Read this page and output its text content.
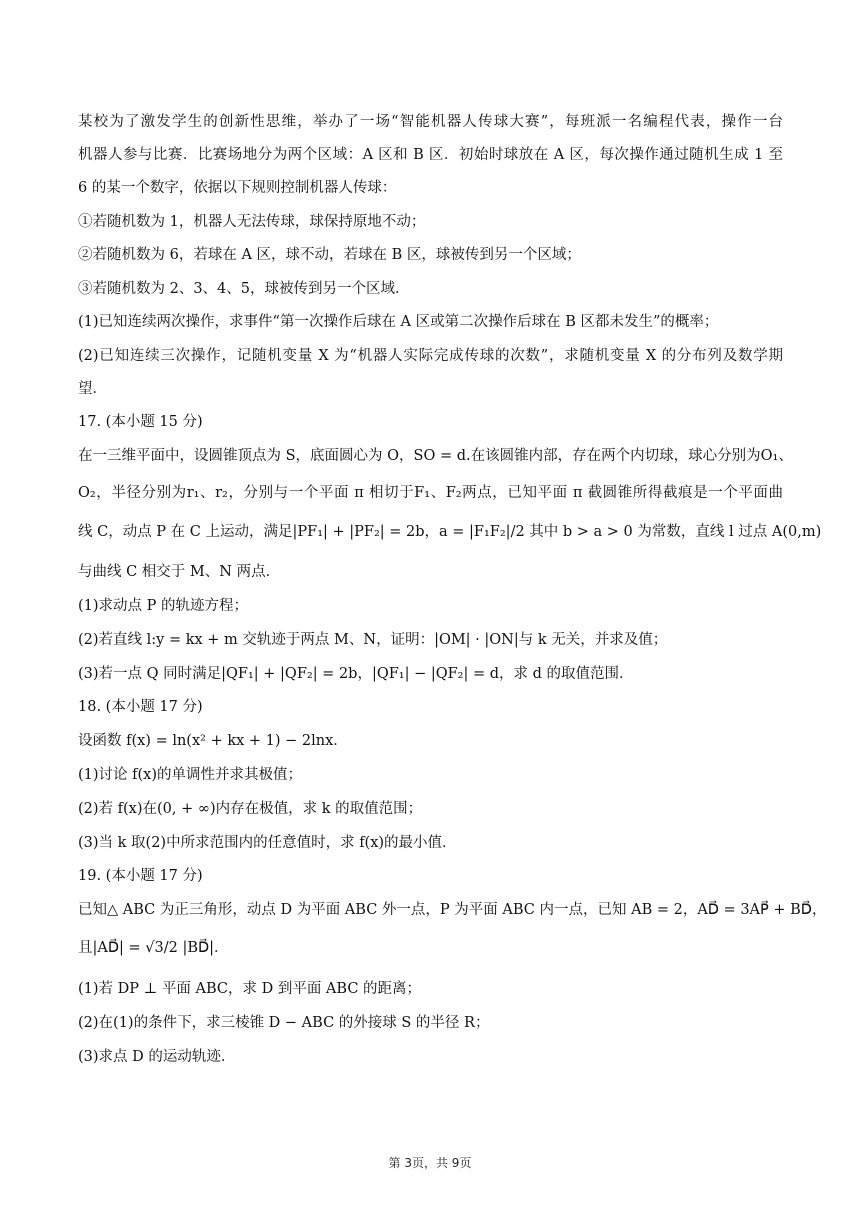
某校为了激发学生的创新性思维，举办了一场“智能机器人传球大赛”，每班派一名编程代表，操作一台
机器人参与比赛．比赛场地分为两个区域：A 区和 B 区．初始时球放在 A 区，每次操作通过随机生成 1 至
6 的某一个数字，依据以下规则控制机器人传球：
①若随机数为 1，机器人无法传球，球保持原地不动；
②若随机数为 6，若球在 A 区，球不动，若球在 B 区，球被传到另一个区域；
③若随机数为 2、3、4、5，球被传到另一个区域．
(1)已知连续两次操作，求事件“第一次操作后球在 A 区或第二次操作后球在 B 区都未发生”的概率；
(2)已知连续三次操作，记随机变量 X 为“机器人实际完成传球的次数”，求随机变量 X 的分布列及数学期
望．
17. (本小题 15 分)
在一三维平面中，设圆锥顶点为 S，底面圆心为 O，SO = d.在该圆锥内部，存在两个内切球，球心分别为O₁、
O₂，半径分别为r₁、r₂，分别与一个平面 π 相切于F₁、F₂两点，已知平面 π 截圆锥所得截痕是一个平面曲
线 C，动点 P 在 C 上运动，满足|PF₁| + |PF₂| = 2b，a = |F₁F₂|/2 其中 b > a > 0 为常数，直线 l 过点 A(0,m)
与曲线 C 相交于 M、N 两点．
(1)求动点 P 的轨迹方程；
(2)若直线 l:y = kx + m 交轨迹于两点 M、N，证明：|OM| · |ON|与 k 无关，并求及值；
(3)若一点 Q 同时满足|QF₁| + |QF₂| = 2b，|QF₁| − |QF₂| = d，求 d 的取值范围．
18. (本小题 17 分)
设函数 f(x) = ln(x² + kx + 1) − 2lnx．
(1)讨论 f(x)的单调性并求其极值；
(2)若 f(x)在(0, + ∞)内存在极值，求 k 的取值范围；
(3)当 k 取(2)中所求范围内的任意值时，求 f(x)的最小值．
19. (本小题 17 分)
已知△ ABC 为正三角形，动点 D 为平面 ABC 外一点，P 为平面 ABC 内一点，已知 AB = 2，AD⃗ = 3AP⃗ + BD⃗，
且|AD⃗| = √3/2 |BD⃗|．
(1)若 DP ⊥ 平面 ABC，求 D 到平面 ABC 的距离；
(2)在(1)的条件下，求三棱锥 D − ABC 的外接球 S 的半径 R；
(3)求点 D 的运动轨迹．
第 3页，共 9页
